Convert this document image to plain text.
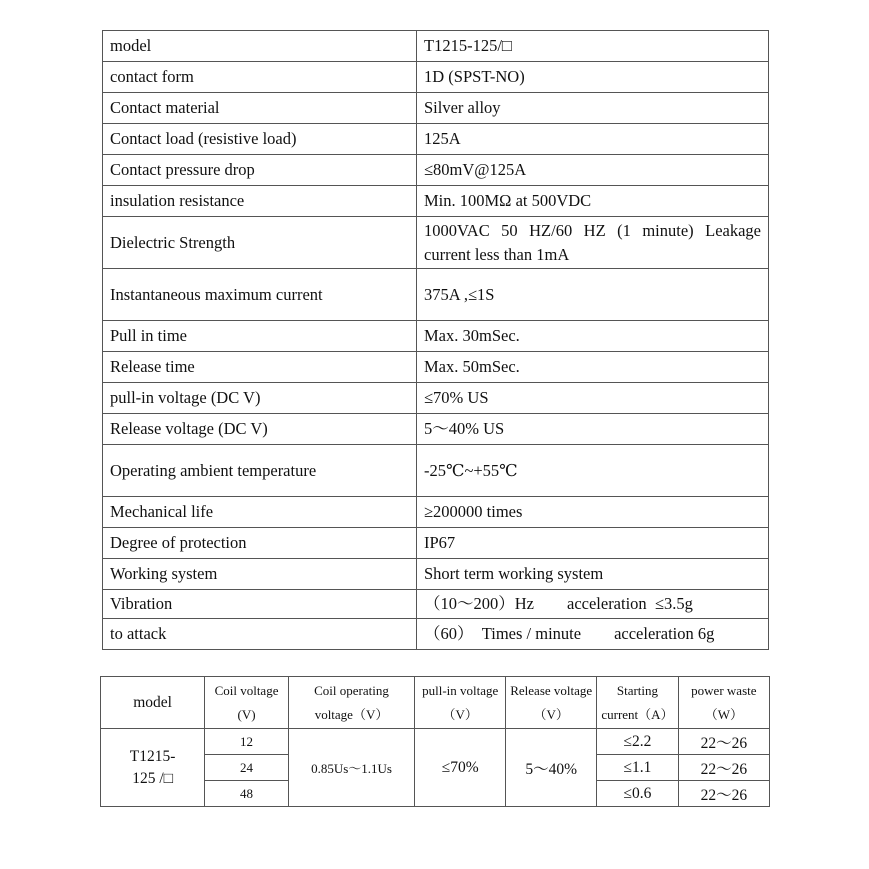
model	T1215-125/□
contact form	1D (SPST-NO)
Contact material	Silver alloy
Contact load (resistive load)	125A
Contact pressure drop	≤80mV@125A
insulation resistance	Min. 100MΩ at 500VDC
Dielectric Strength	1000VAC 50 HZ/60 HZ (1 minute) Leakage current less than 1mA
Instantaneous maximum current	375A ,≤1S
Pull in time	Max. 30mSec.
Release time	Max. 50mSec.
pull-in voltage (DC V)	≤70% US
Release voltage (DC V)	5～40% US
Operating ambient temperature	-25℃~+55℃
Mechanical life	≥200000 times
Degree of protection	IP67
Working system	Short term working system
Vibration	（10～200）Hz        acceleration  ≤3.5g
to attack	（60）  Times / minute        acceleration 6g
model	Coil voltage (V)	Coil operating voltage（V）	pull-in voltage（V）	Release voltage（V）	Starting current（A）	power waste（W）
T1215-125 /□	12	0.85Us～1.1Us	≤70%	5～40%	≤2.2	22～26
	24				≤1.1	22～26
	48				≤0.6	22～26
